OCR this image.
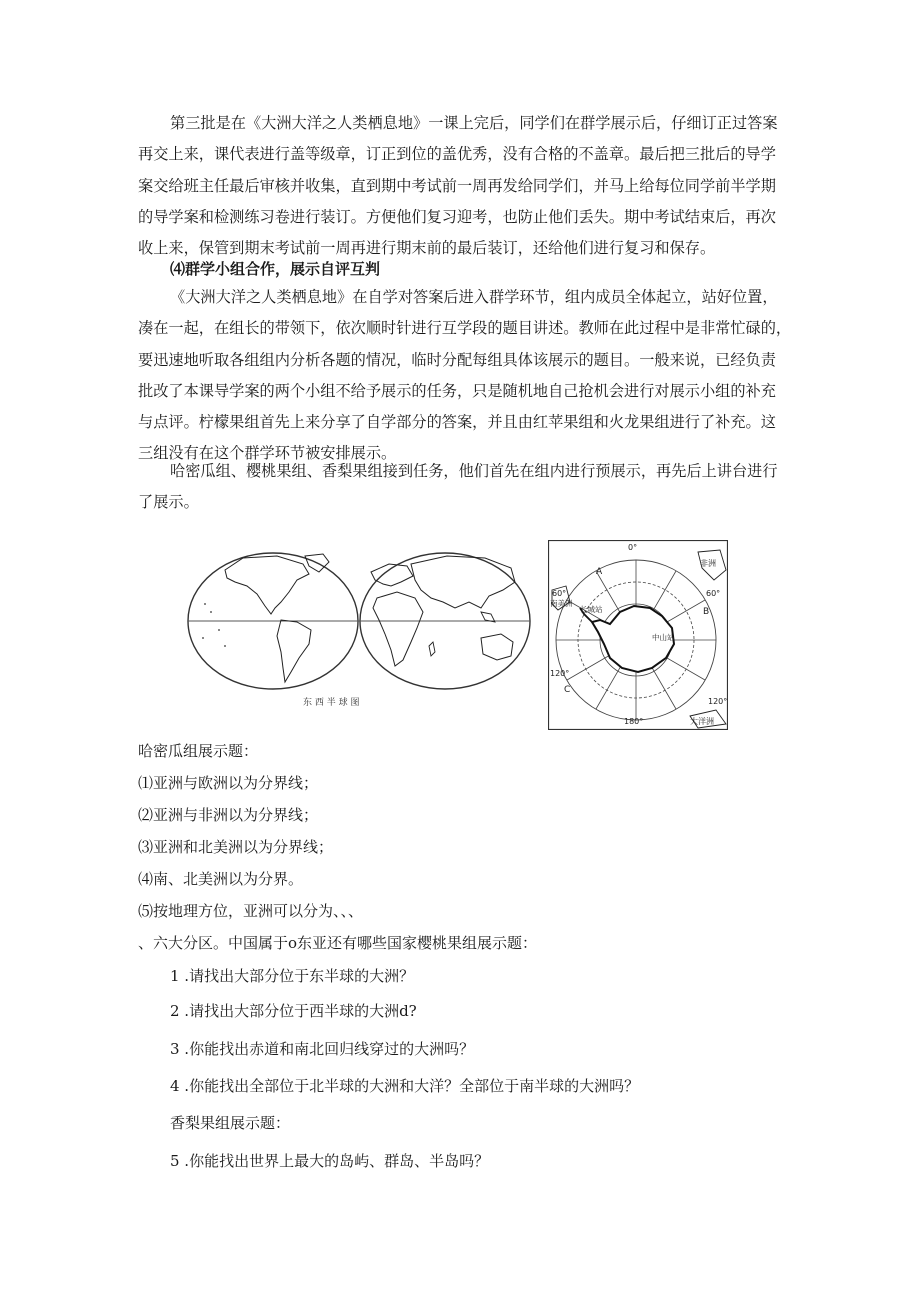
第三批是在《大洲大洋之人类栖息地》一课上完后，同学们在群学展示后，仔细订正过答案
再交上来，课代表进行盖等级章，订正到位的盖优秀，没有合格的不盖章。最后把三批后的导学
案交给班主任最后审核并收集，直到期中考试前一周再发给同学们，并马上给每位同学前半学期
的导学案和检测练习卷进行装订。方便他们复习迎考，也防止他们丢失。期中考试结束后，再次
收上来，保管到期末考试前一周再进行期末前的最后装订，还给他们进行复习和保存。

⑷群学小组合作，展示自评互判

《大洲大洋之人类栖息地》在自学对答案后进入群学环节，组内成员全体起立，站好位置，
凑在一起，在组长的带领下，依次顺时针进行互学段的题目讲述。教师在此过程中是非常忙碌的，
要迅速地听取各组组内分析各题的情况，临时分配每组具体该展示的题目。一般来说，已经负责
批改了本课导学案的两个小组不给予展示的任务，只是随机地自己抢机会进行对展示小组的补充
与点评。柠檬果组首先上来分享了自学部分的答案，并且由红苹果组和火龙果组进行了补充。这
三组没有在这个群学环节被安排展示。

哈密瓜组、樱桃果组、香梨果组接到任务，他们首先在组内进行预展示，再先后上讲台进行
了展示。

东 西 半 球 图
0°
60°	60°
120°
120°
180°
A
B
C
非洲
南美洲
长城站
中山站
大洋洲

哈密瓜组展示题：

⑴亚洲与欧洲以为分界线；

⑵亚洲与非洲以为分界线；

⑶亚洲和北美洲以为分界线；

⑷南、北美洲以为分界。

⑸按地理方位，亚洲可以分为、、、

、六大分区。中国属于o东亚还有哪些国家樱桃果组展示题：

1 .请找出大部分位于东半球的大洲？

2 .请找出大部分位于西半球的大洲d?

3 .你能找出赤道和南北回归线穿过的大洲吗？

4 .你能找出全部位于北半球的大洲和大洋？全部位于南半球的大洲吗？

香梨果组展示题：

5 .你能找出世界上最大的岛屿、群岛、半岛吗？
